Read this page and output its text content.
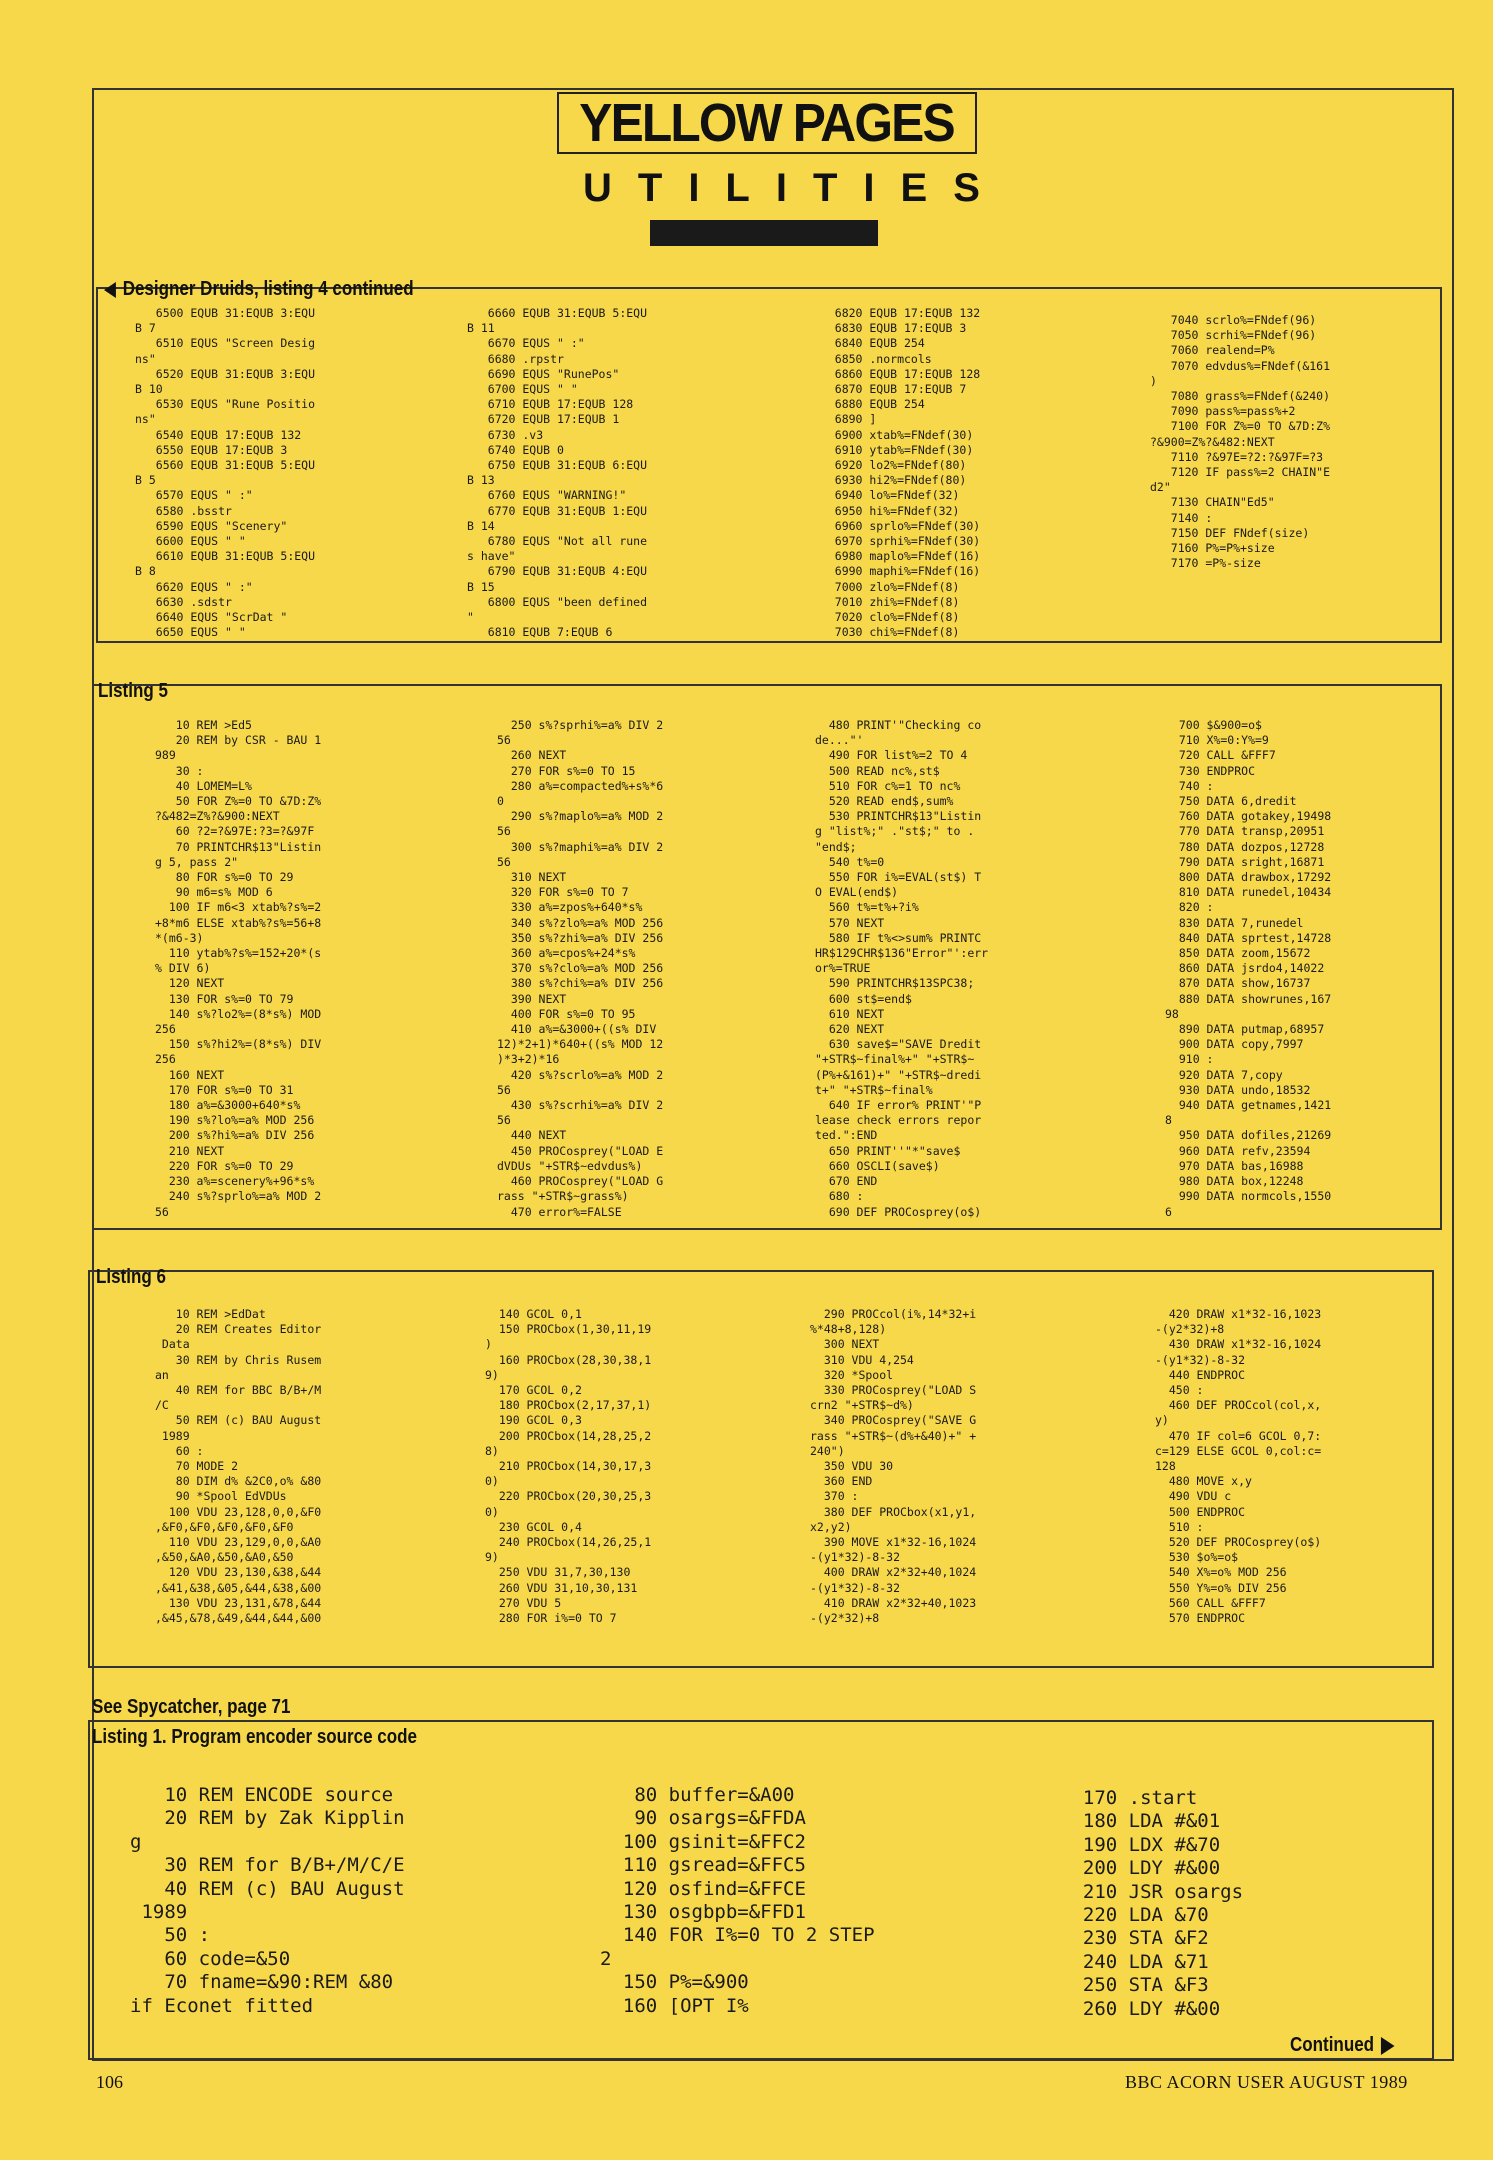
YELLOW PAGES
UTILITIES
Designer Druids, listing 4 continued
6500 EQUB 31:EQUB 3:EQU
B 7
6510 EQUS "Screen Desig
ns"
6520 EQUB 31:EQUB 3:EQU
B 10
6530 EQUS "Rune Positio
ns"
6540 EQUB 17:EQUB 132
6550 EQUB 17:EQUB 3
6560 EQUB 31:EQUB 5:EQU
B 5
6570 EQUS " :"
6580 .bsstr
6590 EQUS "Scenery"
6600 EQUS " "
6610 EQUB 31:EQUB 5:EQU
B 8
6620 EQUS " :"
6630 .sdstr
6640 EQUS "ScrDat "
6650 EQUS " "
6660 EQUB 31:EQUB 5:EQU
B 11
6670 EQUS " :"
6680 .rpstr
6690 EQUS "RunePos"
6700 EQUS " "
6710 EQUB 17:EQUB 128
6720 EQUB 17:EQUB 1
6730 .v3
6740 EQUB 0
6750 EQUB 31:EQUB 6:EQU
B 13
6760 EQUS "WARNING!"
6770 EQUB 31:EQUB 1:EQU
B 14
6780 EQUS "Not all rune
s have"
6790 EQUB 31:EQUB 4:EQU
B 15
6800 EQUS "been defined
"
6810 EQUB 7:EQUB 6
6820 EQUB 17:EQUB 132
6830 EQUB 17:EQUB 3
6840 EQUB 254
6850 .normcols
6860 EQUB 17:EQUB 128
6870 EQUB 17:EQUB 7
6880 EQUB 254
6890 ]
6900 xtab%=FNdef(30)
6910 ytab%=FNdef(30)
6920 lo2%=FNdef(80)
6930 hi2%=FNdef(80)
6940 lo%=FNdef(32)
6950 hi%=FNdef(32)
6960 sprlo%=FNdef(30)
6970 sprhi%=FNdef(30)
6980 maplo%=FNdef(16)
6990 maphi%=FNdef(16)
7000 zlo%=FNdef(8)
7010 zhi%=FNdef(8)
7020 clo%=FNdef(8)
7030 chi%=FNdef(8)
7040 scrlo%=FNdef(96)
7050 scrhi%=FNdef(96)
7060 realend=P%
7070 edvdus%=FNdef(&161
)
7080 grass%=FNdef(&240)
7090 pass%=pass%+2
7100 FOR Z%=0 TO &7D:Z%
?&900=Z%?&482:NEXT
7110 ?&97E=?2:?&97F=?3
7120 IF pass%=2 CHAIN"E
d2"
7130 CHAIN"Ed5"
7140 :
7150 DEF FNdef(size)
7160 P%=P%+size
7170 =P%-size
Listing 5
10 REM >Ed5
20 REM by CSR - BAU 1
989
30 :
40 LOMEM=L%
50 FOR Z%=0 TO &7D:Z%
?&482=Z%?&900:NEXT
60 ?2=?&97E:?3=?&97F
70 PRINTCHR$13"Listin
g 5, pass 2"
80 FOR s%=0 TO 29
90 m6=s% MOD 6
100 IF m6<3 xtab%?s%=2
+8*m6 ELSE xtab%?s%=56+8
*(m6-3)
110 ytab%?s%=152+20*(s
% DIV 6)
120 NEXT
130 FOR s%=0 TO 79
140 s%?lo2%=(8*s%) MOD
256
150 s%?hi2%=(8*s%) DIV
256
160 NEXT
170 FOR s%=0 TO 31
180 a%=&3000+640*s%
190 s%?lo%=a% MOD 256
200 s%?hi%=a% DIV 256
210 NEXT
220 FOR s%=0 TO 29
230 a%=scenery%+96*s%
240 s%?sprlo%=a% MOD 2
56
250 s%?sprhi%=a% DIV 2
56
260 NEXT
270 FOR s%=0 TO 15
280 a%=compacted%+s%*6
0
290 s%?maplo%=a% MOD 2
56
300 s%?maphi%=a% DIV 2
56
310 NEXT
320 FOR s%=0 TO 7
330 a%=zpos%+640*s%
340 s%?zlo%=a% MOD 256
350 s%?zhi%=a% DIV 256
360 a%=cpos%+24*s%
370 s%?clo%=a% MOD 256
380 s%?chi%=a% DIV 256
390 NEXT
400 FOR s%=0 TO 95
410 a%=&3000+((s% DIV
12)*2+1)*640+((s% MOD 12
)*3+2)*16
420 s%?scrlo%=a% MOD 2
56
430 s%?scrhi%=a% DIV 2
56
440 NEXT
450 PROCosprey("LOAD E
dVDUs "+STR$~edvdus%)
460 PROCosprey("LOAD G
rass "+STR$~grass%)
470 error%=FALSE
480 PRINT'"Checking co
de..."'
490 FOR list%=2 TO 4
500 READ nc%,st$
510 FOR c%=1 TO nc%
520 READ end$,sum%
530 PRINTCHR$13"Listin
g "list%;" ."st$;" to .
"end$;
540 t%=0
550 FOR i%=EVAL(st$) T
O EVAL(end$)
560 t%=t%+?i%
570 NEXT
580 IF t%<>sum% PRINTC
HR$129CHR$136"Error"':err
or%=TRUE
590 PRINTCHR$13SPC38;
600 st$=end$
610 NEXT
620 NEXT
630 save$="SAVE Dredit
"+STR$~final%+" "+STR$~
(P%+&161)+" "+STR$~dredi
t+" "+STR$~final%
640 IF error% PRINT'"P
lease check errors repor
ted.":END
650 PRINT''"*"save$
660 OSCLI(save$)
670 END
680 :
690 DEF PROCosprey(o$)
700 $&900=o$
710 X%=0:Y%=9
720 CALL &FFF7
730 ENDPROC
740 :
750 DATA 6,dredit
760 DATA gotakey,19498
770 DATA transp,20951
780 DATA dozpos,12728
790 DATA sright,16871
800 DATA drawbox,17292
810 DATA runedel,10434
820 :
830 DATA 7,runedel
840 DATA sprtest,14728
850 DATA zoom,15672
860 DATA jsrdo4,14022
870 DATA show,16737
880 DATA showrunes,167
98
890 DATA putmap,68957
900 DATA copy,7997
910 :
920 DATA 7,copy
930 DATA undo,18532
940 DATA getnames,1421
8
950 DATA dofiles,21269
960 DATA refv,23594
970 DATA bas,16988
980 DATA box,12248
990 DATA normcols,1550
6
Listing 6
10 REM >EdDat
20 REM Creates Editor
Data
30 REM by Chris Rusem
an
40 REM for BBC B/B+/M
/C
50 REM (c) BAU August
1989
60 :
70 MODE 2
80 DIM d% &2C0,o% &80
90 *Spool EdVDUs
100 VDU 23,128,0,0,&F0
,&F0,&F0,&F0,&F0,&F0
110 VDU 23,129,0,0,&A0
,&50,&A0,&50,&A0,&50
120 VDU 23,130,&38,&44
,&41,&38,&05,&44,&38,&00
130 VDU 23,131,&78,&44
,&45,&78,&49,&44,&44,&00
140 GCOL 0,1
150 PROCbox(1,30,11,19
)
160 PROCbox(28,30,38,1
9)
170 GCOL 0,2
180 PROCbox(2,17,37,1)
190 GCOL 0,3
200 PROCbox(14,28,25,2
8)
210 PROCbox(14,30,17,3
0)
220 PROCbox(20,30,25,3
0)
230 GCOL 0,4
240 PROCbox(14,26,25,1
9)
250 VDU 31,7,30,130
260 VDU 31,10,30,131
270 VDU 5
280 FOR i%=0 TO 7
290 PROCcol(i%,14*32+i
%*48+8,128)
300 NEXT
310 VDU 4,254
320 *Spool
330 PROCosprey("LOAD S
crn2 "+STR$~d%)
340 PROCosprey("SAVE G
rass "+STR$~(d%+&40)+" +
240")
350 VDU 30
360 END
370 :
380 DEF PROCbox(x1,y1,
x2,y2)
390 MOVE x1*32-16,1024
-(y1*32)-8-32
400 DRAW x2*32+40,1024
-(y1*32)-8-32
410 DRAW x2*32+40,1023
-(y2*32)+8
420 DRAW x1*32-16,1023
-(y2*32)+8
430 DRAW x1*32-16,1024
-(y1*32)-8-32
440 ENDPROC
450 :
460 DEF PROCcol(col,x,
y)
470 IF col=6 GCOL 0,7:
c=129 ELSE GCOL 0,col:c=
128
480 MOVE x,y
490 VDU c
500 ENDPROC
510 :
520 DEF PROCosprey(o$)
530 $o%=o$
540 X%=o% MOD 256
550 Y%=o% DIV 256
560 CALL &FFF7
570 ENDPROC
See Spycatcher, page 71
Listing 1. Program encoder source code
10 REM ENCODE source
20 REM by Zak Kipplin
g
30 REM for B/B+/M/C/E
40 REM (c) BAU August
1989
50 :
60 code=&50
70 fname=&90:REM &80
if Econet fitted
80 buffer=&A00
90 osargs=&FFDA
100 gsinit=&FFC2
110 gsread=&FFC5
120 osfind=&FFCE
130 osgbpb=&FFD1
140 FOR I%=0 TO 2 STEP
2
150 P%=&900
160 [OPT I%
170 .start
180 LDA #&01
190 LDX #&70
200 LDY #&00
210 JSR osargs
220 LDA &70
230 STA &F2
240 LDA &71
250 STA &F3
260 LDY #&00
Continued
106	BBC ACORN USER AUGUST 1989
